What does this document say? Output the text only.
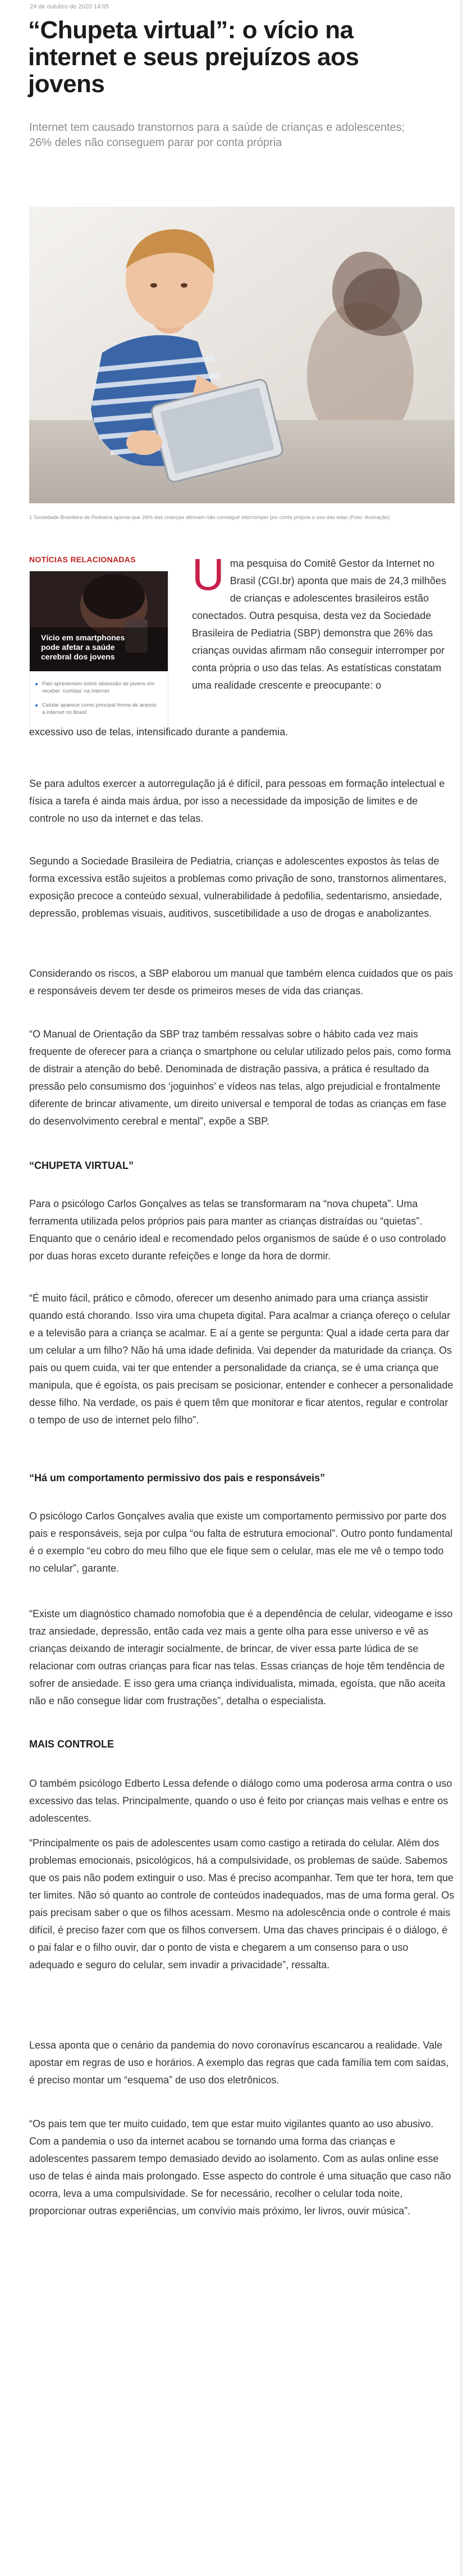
24 de outubro de 2020 14:05
“Chupeta virtual”: o vício na internet e seus prejuízos aos jovens
Internet tem causado transtornos para a saúde de crianças e adolescentes; 26% deles não conseguem parar por conta própria
1 Sociedade Brasileira de Pediatria aponta que 26% das crianças afirmam não conseguir interromper por conta própria o uso das telas (Foto: Ilustração)
NOTÍCIAS RELACIONADAS
Vício em smartphones pode afetar a saúde cerebral dos jovens
Pais apresentam sobre obsessão de jovens em receber ‘curtidas’ na internet
Celular aparece como principal forma de acesso à internet no Brasil
U ma pesquisa do Comitê Gestor da Internet no Brasil (CGI.br) aponta que mais de 24,3 milhões de crianças e adolescentes brasileiros estão conectados. Outra pesquisa, desta vez da Sociedade Brasileira de Pediatria (SBP) demonstra que 26% das crianças ouvidas afirmam não conseguir interromper por conta própria o uso das telas. As estatísticas constatam uma realidade crescente e preocupante: o
excessivo uso de telas, intensificado durante a pandemia.

Se para adultos exercer a autorregulação já é difícil, para pessoas em formação intelectual e física a tarefa é ainda mais árdua, por isso a necessidade da imposição de limites e de controle no uso da internet e das telas.

Segundo a Sociedade Brasileira de Pediatria, crianças e adolescentes expostos às telas de forma excessiva estão sujeitos a problemas como privação de sono, transtornos alimentares, exposição precoce a conteúdo sexual, vulnerabilidade à pedofilia, sedentarismo, ansiedade, depressão, problemas visuais, auditivos, suscetibilidade a uso de drogas e anabolizantes.

Considerando os riscos, a SBP elaborou um manual que também elenca cuidados que os pais e responsáveis devem ter desde os primeiros meses de vida das crianças.

“O Manual de Orientação da SBP traz também ressalvas sobre o hábito cada vez mais frequente de oferecer para a criança o smartphone ou celular utilizado pelos pais, como forma de distrair a atenção do bebê. Denominada de distração passiva, a prática é resultado da pressão pelo consumismo dos ‘joguinhos’ e vídeos nas telas, algo prejudicial e frontalmente diferente de brincar ativamente, um direito universal e temporal de todas as crianças em fase do desenvolvimento cerebral e mental”, expõe a SBP.

“CHUPETA VIRTUAL”

Para o psicólogo Carlos Gonçalves as telas se transformaram na “nova chupeta”. Uma ferramenta utilizada pelos próprios pais para manter as crianças distraídas ou “quietas”. Enquanto que o cenário ideal e recomendado pelos organismos de saúde é o uso controlado por duas horas exceto durante refeições e longe da hora de dormir.

“É muito fácil, prático e cômodo, oferecer um desenho animado para uma criança assistir quando está chorando. Isso vira uma chupeta digital. Para acalmar a criança ofereço o celular e a televisão para a criança se acalmar. E aí a gente se pergunta: Qual a idade certa para dar um celular a um filho? Não há uma idade definida. Vai depender da maturidade da criança. Os pais ou quem cuida, vai ter que entender a personalidade da criança, se é uma criança que manipula, que é egoísta, os pais precisam se posicionar, entender e conhecer a personalidade desse filho. Na verdade, os pais é quem têm que monitorar e ficar atentos, regular e controlar o tempo de uso de internet pelo filho”.

“Há um comportamento permissivo dos pais e responsáveis”

O psicólogo Carlos Gonçalves avalia que existe um comportamento permissivo por parte dos pais e responsáveis, seja por culpa “ou falta de estrutura emocional”. Outro ponto fundamental é o exemplo “eu cobro do meu filho que ele fique sem o celular, mas ele me vê o tempo todo no celular”, garante.

“Existe um diagnóstico chamado nomofobia que é a dependência de celular, videogame e isso traz ansiedade, depressão, então cada vez mais a gente olha para esse universo e vê as crianças deixando de interagir socialmente, de brincar, de viver essa parte lúdica de se relacionar com outras crianças para ficar nas telas. Essas crianças de hoje têm tendência de sofrer de ansiedade. E isso gera uma criança individualista, mimada, egoísta, que não aceita não e não consegue lidar com frustrações”, detalha o especialista.

MAIS CONTROLE

O também psicólogo Edberto Lessa defende o diálogo como uma poderosa arma contra o uso excessivo das telas. Principalmente, quando o uso é feito por crianças mais velhas e entre os adolescentes.

“Principalmente os pais de adolescentes usam como castigo a retirada do celular. Além dos problemas emocionais, psicológicos, há a compulsividade, os problemas de saúde. Sabemos que os pais não podem extinguir o uso. Mas é preciso acompanhar. Tem que ter hora, tem que ter limites. Não só quanto ao controle de conteúdos inadequados, mas de uma forma geral. Os pais precisam saber o que os filhos acessam. Mesmo na adolescência onde o controle é mais difícil, é preciso fazer com que os filhos conversem. Uma das chaves principais é o diálogo, é o pai falar e o filho ouvir, dar o ponto de vista e chegarem a um consenso para o uso adequado e seguro do celular, sem invadir a privacidade”, ressalta.

Lessa aponta que o cenário da pandemia do novo coronavírus escancarou a realidade. Vale apostar em regras de uso e horários. A exemplo das regras que cada família tem com saídas, é preciso montar um “esquema” de uso dos eletrônicos.

“Os pais tem que ter muito cuidado, tem que estar muito vigilantes quanto ao uso abusivo. Com a pandemia o uso da internet acabou se tornando uma forma das crianças e adolescentes passarem tempo demasiado devido ao isolamento. Com as aulas online esse uso de telas é ainda mais prolongado. Esse aspecto do controle é uma situação que caso não ocorra, leva a uma compulsividade. Se for necessário, recolher o celular toda noite, proporcionar outras experiências, um convívio mais próximo, ler livros, ouvir música”.
